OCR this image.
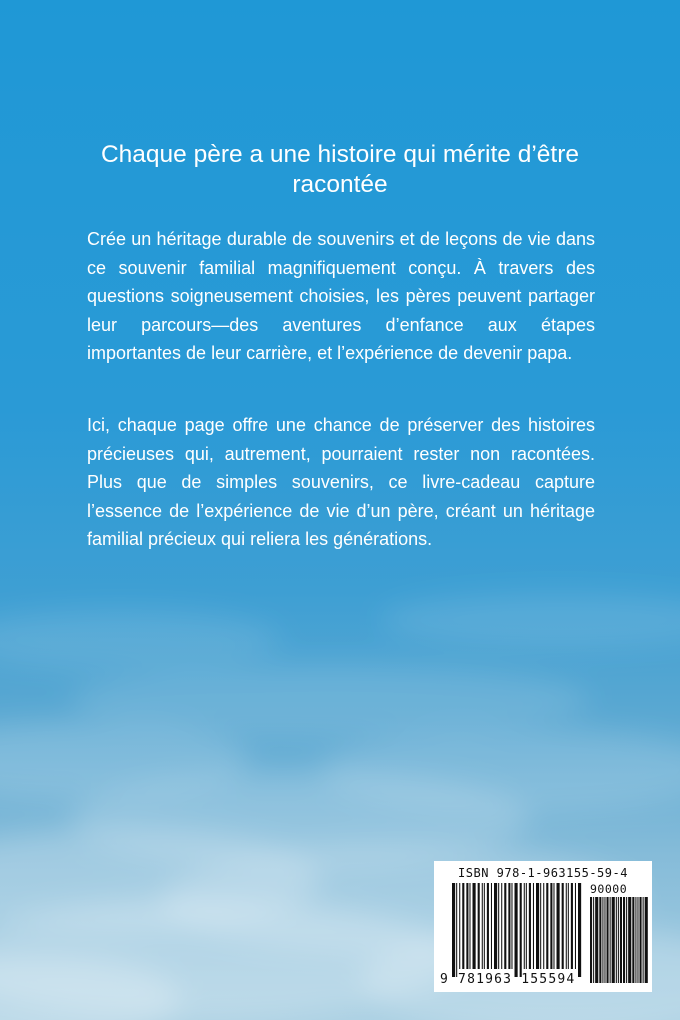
Chaque père a une histoire qui mérite d’être racontée

Crée un héritage durable de souvenirs et de leçons de vie dans ce souvenir familial magnifiquement conçu. À travers des questions soigneusement choisies, les pères peuvent partager leur parcours—des aventures d’enfance aux étapes importantes de leur carrière, et l’expérience de devenir papa.

Ici, chaque page offre une chance de préserver des histoires précieuses qui, autrement, pourraient rester non racontées. Plus que de simples souvenirs, ce livre-cadeau capture l’essence de l’expérience de vie d’un père, créant un héritage familial précieux qui reliera les générations.

ISBN 978-1-963155-59-4
90000
9 781963 155594
